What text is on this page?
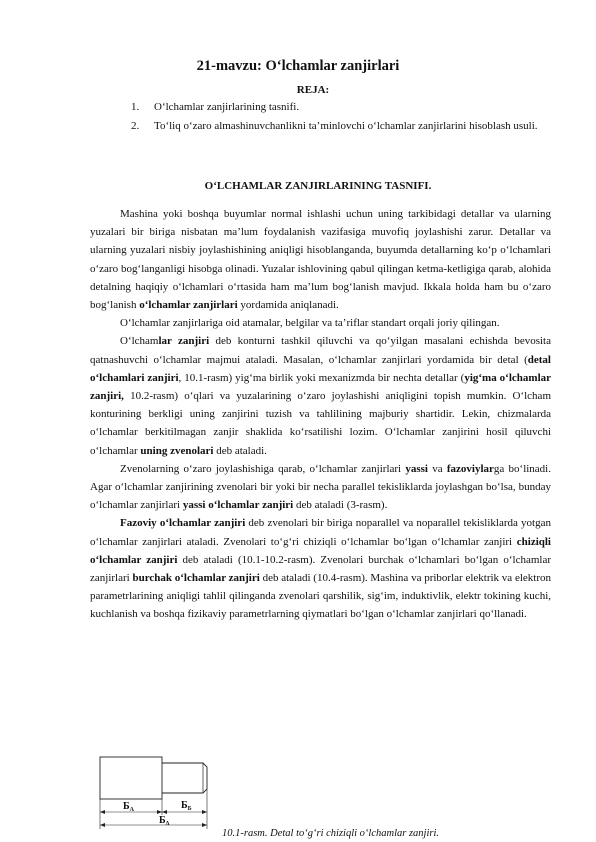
21-mavzu: O‘lchamlar zanjirlari
REJA:
1. O‘lchamlar zanjirlarining tasnifi.
2. To‘liq o‘zaro almashinuvchanlikni ta’minlovchi o‘lchamlar zanjirlarini hisoblash usuli.
O‘LCHAMLAR ZANJIRLARINING TASNIFI.

Mashina yoki boshqa buyumlar normal ishlashi uchun uning tarkibidagi detallar va ularning yuzalari bir biriga nisbatan ma’lum foydalanish vazifasiga muvofiq joylashishi zarur. Detallar va ularning yuzalari nisbiy joylashishining aniqligi hisoblanganda, buyumda detallarning ko‘p o‘lchamlari o‘zaro bog‘langanligi hisobga olinadi. Yuzalar ishlovining qabul qilingan ketma-ketligiga qarab, alohida detalning haqiqiy o‘lchamlari o‘rtasida ham ma’lum bog‘lanish mavjud. Ikkala holda ham bu o‘zaro bog‘lanish o‘lchamlar zanjirlari yordamida aniqlanadi.

O‘lchamlar zanjirlariga oid atamalar, belgilar va ta’riflar standart orqali joriy qilingan.

O‘lchamlar zanjiri deb konturni tashkil qiluvchi va qo‘yilgan masalani echishda bevosita qatnashuvchi o‘lchamlar majmui ataladi. Masalan, o‘lchamlar zanjirlari yordamida bir detal (detal o‘lchamlari zanjiri, 10.1-rasm) yig‘ma birlik yoki mexanizmda bir nechta detallar (yig‘ma o‘lchamlar zanjiri, 10.2-rasm) o‘qlari va yuzalarining o‘zaro joylashishi aniqligini topish mumkin. O‘lcham konturining berkligi uning zanjirini tuzish va tahlilining majburiy shartidir. Lekin, chizmalarda o‘lchamlar berkitilmagan zanjir shaklida ko‘rsatilishi lozim. O‘lchamlar zanjirini hosil qiluvchi o‘lchamlar uning zvenolari deb ataladi.

Zvenolarning o‘zaro joylashishiga qarab, o‘lchamlar zanjirlari yassi va fazoviylarga bo‘linadi. Agar o‘lchamlar zanjirining zvenolari bir yoki bir necha parallel tekisliklarda joylashgan bo‘lsa, bunday o‘lchamlar zanjirlari yassi o‘lchamlar zanjiri deb ataladi (3-rasm).

Fazoviy o‘lchamlar zanjiri deb zvenolari bir biriga noparallel va noparallel tekisliklarda yotgan o‘lchamlar zanjirlari ataladi. Zvenolari to‘g‘ri chiziqli o‘lchamlar bo‘lgan o‘lchamlar zanjiri chiziqli o‘lchamlar zanjiri deb ataladi (10.1-10.2-rasm). Zvenolari burchak o‘lchamlari bo‘lgan o‘lchamlar zanjirlari burchak o‘lchamlar zanjiri deb ataladi (10.4-rasm). Mashina va priborlar elektrik va elektron parametrlarining aniqligi tahlil qilinganda zvenolari qarshilik, sig‘im, induktivlik, elektr tokining kuchi, kuchlanish va boshqa fizikaviy parametrlarning qiymatlari bo‘lgan o‘lchamlar zanjirlari qo‘llanadi.

$Б_А$	$Б_Б$
$Б_\Delta$
10.1-rasm. Detal to‘g‘ri chiziqli o‘lchamlar zanjiri.
